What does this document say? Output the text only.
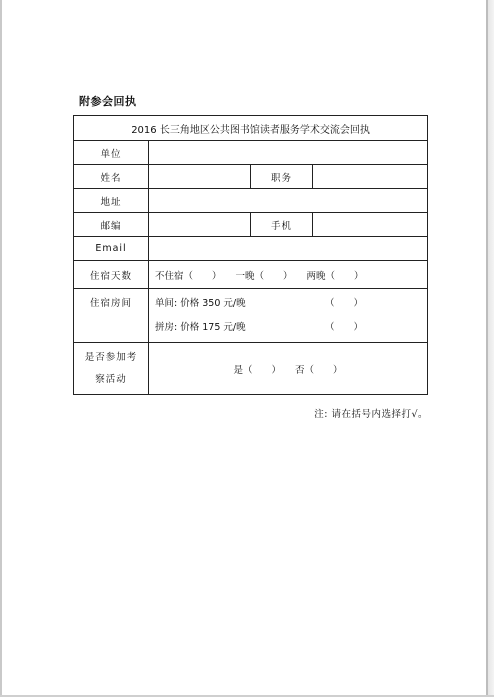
附参会回执
2016 长三角地区公共图书馆读者服务学术交流会回执			
单位			
姓名		职务	
地址			
邮编		手机	
Email			
住宿天数	不住宿（　　） 一晚（　　） 两晚（　　）		
住宿房间	单间: 价格 350 元/晚 （　　）
拼房: 价格 175 元/晚 （　　）		

是否参加考
察活动	是（　　） 否（　　）		
注: 请在括号内选择打√。
